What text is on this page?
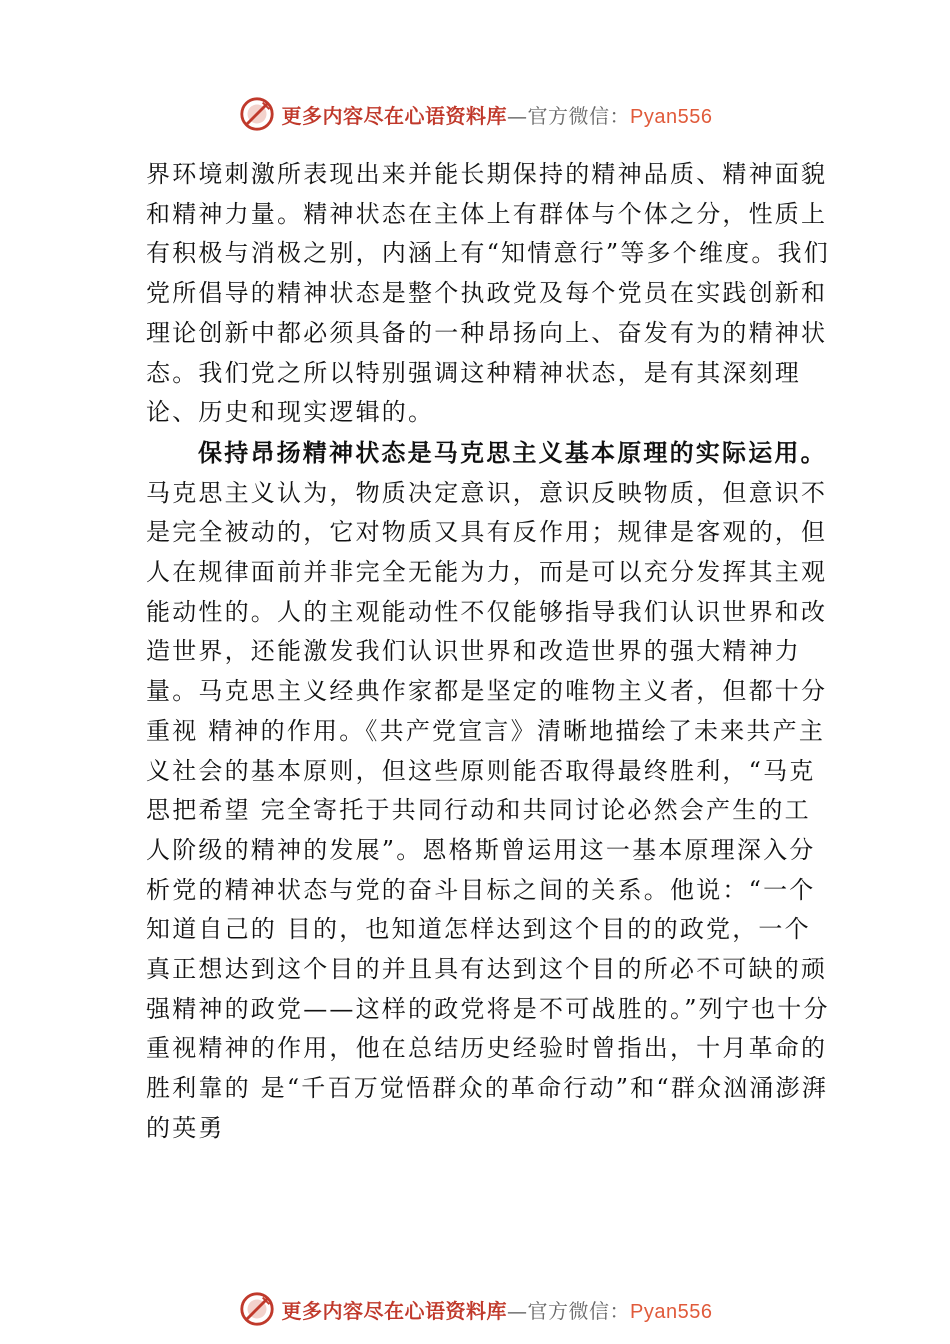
更多内容尽在心语资料库—官方微信：Pyan556

界环境刺激所表现出来并能长期保持的精神品质、精神面貌和精神力量。精神状态在主体上有群体与个体之分，性质上有积极与消极之别，内涵上有“知情意行”等多个维度。我们党所倡导的精神状态是整个执政党及每个党员在实践创新和理论创新中都必须具备的一种昂扬向上、奋发有为的精神状态。我们党之所以特别强调这种精神状态，是有其深刻理论、历史和现实逻辑的。

保持昂扬精神状态是马克思主义基本原理的实际运用。马克思主义认为，物质决定意识，意识反映物质，但意识不是完全被动的，它对物质又具有反作用；规律是客观的，但人在规律面前并非完全无能为力，而是可以充分发挥其主观 能动性的。人的主观能动性不仅能够指导我们认识世界和改 造世界，还能激发我们认识世界和改造世界的强大精神力量。马克思主义经典作家都是坚定的唯物主义者，但都十分重视 精神的作用。《共产党宣言》清晰地描绘了未来共产主义社会的基本原则，但这些原则能否取得最终胜利，“马克思把希望 完全寄托于共同行动和共同讨论必然会产生的工人阶级的精神的发展”。恩格斯曾运用这一基本原理深入分析党的精神状态与党的奋斗目标之间的关系。他说：“一个知道自己的 目的，也知道怎样达到这个目的的政党，一个真正想达到这个目的并且具有达到这个目的所必不可缺的顽强精神的政党——这样的政党将是不可战胜的。”列宁也十分重视精神的作用，他在总结历史经验时曾指出，十月革命的胜利靠的 是“千百万觉悟群众的革命行动”和“群众汹涌澎湃的英勇

更多内容尽在心语资料库—官方微信：Pyan556
